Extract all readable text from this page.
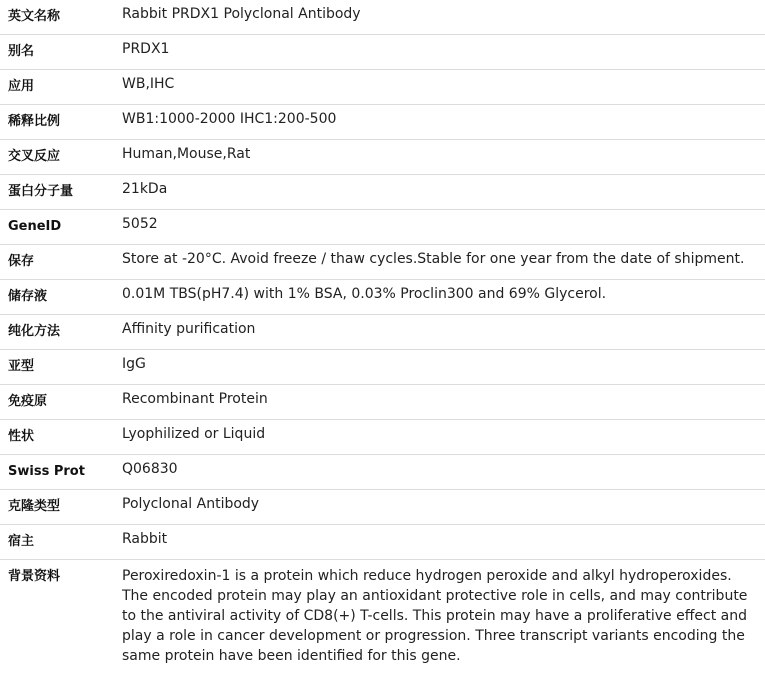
英文名称	Rabbit PRDX1 Polyclonal Antibody

别名	PRDX1

应用	WB,IHC

稀释比例	WB1:1000-2000 IHC1:200-500

交叉反应	Human,Mouse,Rat

蛋白分子量	21kDa

GeneID	5052

保存	Store at -20°C. Avoid freeze / thaw cycles.Stable for one year from the date of shipment.

储存液	0.01M TBS(pH7.4) with 1% BSA, 0.03% Proclin300 and 69% Glycerol.

纯化方法	Affinity purification

亚型	IgG

免疫原	Recombinant Protein

性状	Lyophilized or Liquid

Swiss Prot	Q06830

克隆类型	Polyclonal Antibody

宿主	Rabbit

背景资料	Peroxiredoxin-1 is a protein which reduce hydrogen peroxide and alkyl hydroperoxides. The encoded protein may play an antioxidant protective role in cells, and may contribute to the antiviral activity of CD8(+) T-cells. This protein may have a proliferative effect and play a role in cancer development or progression. Three transcript variants encoding the same protein have been identified for this gene.
